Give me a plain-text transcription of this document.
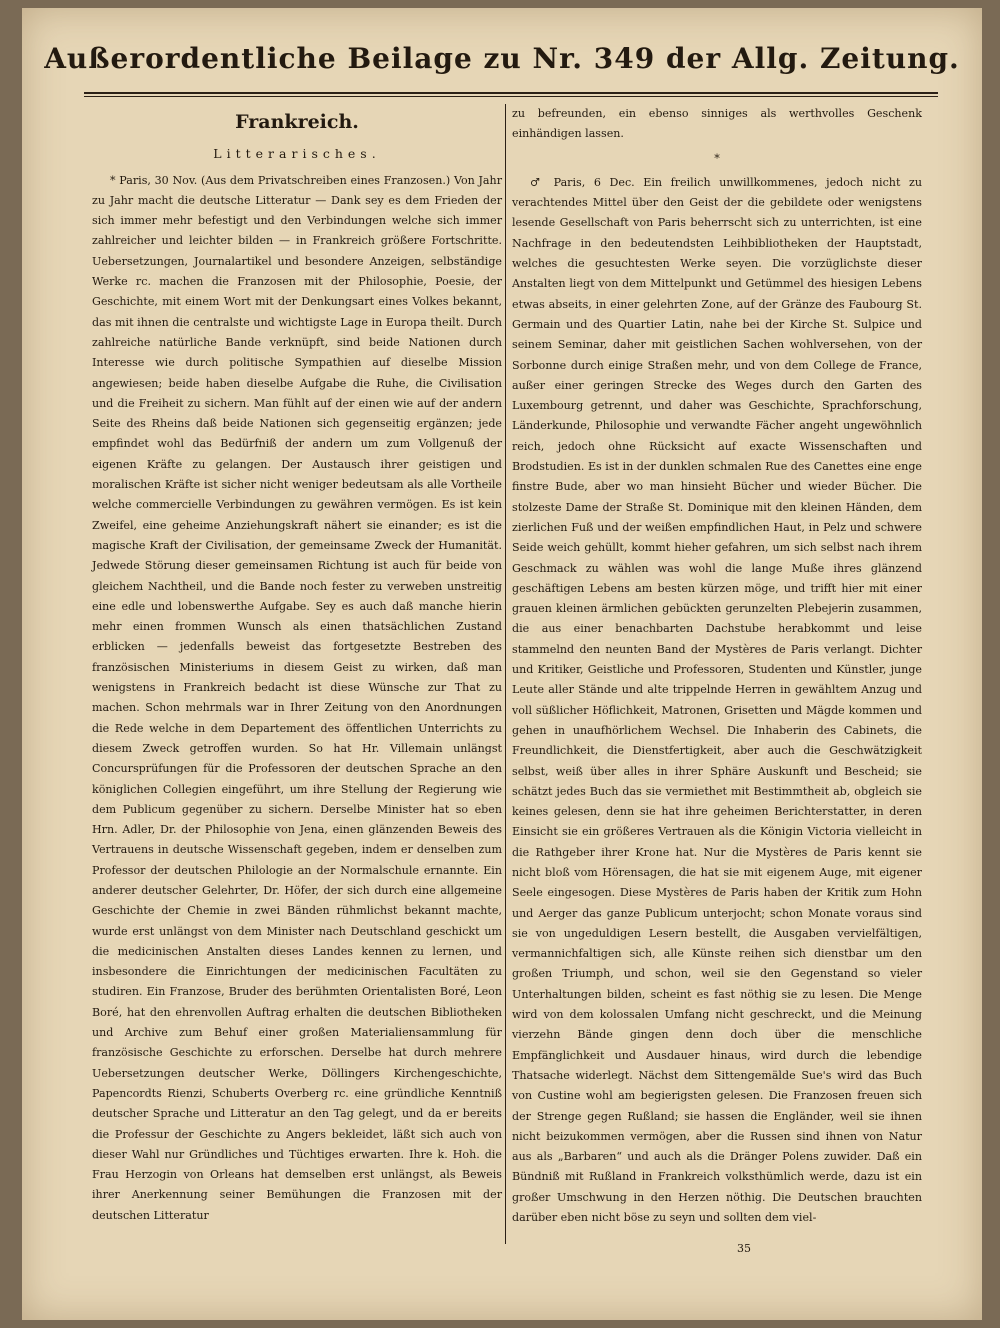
Außerordentliche Beilage zu Nr. 349 der Allg. Zeitung.
Frankreich.
Litterarisches.

* Paris, 30 Nov. (Aus dem Privatschreiben eines Franzosen.) Von Jahr zu Jahr macht die deutsche Litteratur — Dank sey es dem Frieden der sich immer mehr befestigt und den Verbindungen welche sich immer zahlreicher und leichter bilden — in Frankreich größere Fortschritte. Uebersetzungen, Journalartikel und besondere Anzeigen, selbständige Werke rc. machen die Franzosen mit der Philosophie, Poesie, der Geschichte, mit einem Wort mit der Denkungsart eines Volkes bekannt, das mit ihnen die centralste und wichtigste Lage in Europa theilt. Durch zahlreiche natürliche Bande verknüpft, sind beide Nationen durch Interesse wie durch politische Sympathien auf dieselbe Mission angewiesen; beide haben dieselbe Aufgabe die Ruhe, die Civilisation und die Freiheit zu sichern. Man fühlt auf der einen wie auf der andern Seite des Rheins daß beide Nationen sich gegenseitig ergänzen; jede empfindet wohl das Bedürfniß der andern um zum Vollgenuß der eigenen Kräfte zu gelangen. Der Austausch ihrer geistigen und moralischen Kräfte ist sicher nicht weniger bedeutsam als alle Vortheile welche commercielle Verbindungen zu gewähren vermögen. Es ist kein Zweifel, eine geheime Anziehungskraft nähert sie einander; es ist die magische Kraft der Civilisation, der gemeinsame Zweck der Humanität. Jedwede Störung dieser gemeinsamen Richtung ist auch für beide von gleichem Nachtheil, und die Bande noch fester zu verweben unstreitig eine edle und lobenswerthe Aufgabe. Sey es auch daß manche hierin mehr einen frommen Wunsch als einen thatsächlichen Zustand erblicken — jedenfalls beweist das fortgesetzte Bestreben des französischen Ministeriums in diesem Geist zu wirken, daß man wenigstens in Frankreich bedacht ist diese Wünsche zur That zu machen. Schon mehrmals war in Ihrer Zeitung von den Anordnungen die Rede welche in dem Departement des öffentlichen Unterrichts zu diesem Zweck getroffen wurden. So hat Hr. Villemain unlängst Concursprüfungen für die Professoren der deutschen Sprache an den königlichen Collegien eingeführt, um ihre Stellung der Regierung wie dem Publicum gegenüber zu sichern. Derselbe Minister hat so eben Hrn. Adler, Dr. der Philosophie von Jena, einen glänzenden Beweis des Vertrauens in deutsche Wissenschaft gegeben, indem er denselben zum Professor der deutschen Philologie an der Normalschule ernannte. Ein anderer deutscher Gelehrter, Dr. Höfer, der sich durch eine allgemeine Geschichte der Chemie in zwei Bänden rühmlichst bekannt machte, wurde erst unlängst von dem Minister nach Deutschland geschickt um die medicinischen Anstalten dieses Landes kennen zu lernen, und insbesondere die Einrichtungen der medicinischen Facultäten zu studiren. Ein Franzose, Bruder des berühmten Orientalisten Boré, Leon Boré, hat den ehrenvollen Auftrag erhalten die deutschen Bibliotheken und Archive zum Behuf einer großen Materialiensammlung für französische Geschichte zu erforschen. Derselbe hat durch mehrere Uebersetzungen deutscher Werke, Döllingers Kirchengeschichte, Papencordts Rienzi, Schuberts Overberg rc. eine gründliche Kenntniß deutscher Sprache und Litteratur an den Tag gelegt, und da er bereits die Professur der Geschichte zu Angers bekleidet, läßt sich auch von dieser Wahl nur Gründliches und Tüchtiges erwarten. Ihre k. Hoh. die Frau Herzogin von Orleans hat demselben erst unlängst, als Beweis ihrer Anerkennung seiner Bemühungen die Franzosen mit der deutschen Litteratur

zu befreunden, ein ebenso sinniges als werthvolles Geschenk einhändigen lassen.

*

♂ Paris, 6 Dec. Ein freilich unwillkommenes, jedoch nicht zu verachtendes Mittel über den Geist der die gebildete oder wenigstens lesende Gesellschaft von Paris beherrscht sich zu unterrichten, ist eine Nachfrage in den bedeutendsten Leihbibliotheken der Hauptstadt, welches die gesuchtesten Werke seyen. Die vorzüglichste dieser Anstalten liegt von dem Mittelpunkt und Getümmel des hiesigen Lebens etwas abseits, in einer gelehrten Zone, auf der Gränze des Faubourg St. Germain und des Quartier Latin, nahe bei der Kirche St. Sulpice und seinem Seminar, daher mit geistlichen Sachen wohlversehen, von der Sorbonne durch einige Straßen mehr, und von dem College de France, außer einer geringen Strecke des Weges durch den Garten des Luxembourg getrennt, und daher was Geschichte, Sprachforschung, Länderkunde, Philosophie und verwandte Fächer angeht ungewöhnlich reich, jedoch ohne Rücksicht auf exacte Wissenschaften und Brodstudien. Es ist in der dunklen schmalen Rue des Canettes eine enge finstre Bude, aber wo man hinsieht Bücher und wieder Bücher. Die stolzeste Dame der Straße St. Dominique mit den kleinen Händen, dem zierlichen Fuß und der weißen empfindlichen Haut, in Pelz und schwere Seide weich gehüllt, kommt hieher gefahren, um sich selbst nach ihrem Geschmack zu wählen was wohl die lange Muße ihres glänzend geschäftigen Lebens am besten kürzen möge, und trifft hier mit einer grauen kleinen ärmlichen gebückten gerunzelten Plebejerin zusammen, die aus einer benachbarten Dachstube herabkommt und leise stammelnd den neunten Band der Mystères de Paris verlangt. Dichter und Kritiker, Geistliche und Professoren, Studenten und Künstler, junge Leute aller Stände und alte trippelnde Herren in gewähltem Anzug und voll süßlicher Höflichkeit, Matronen, Grisetten und Mägde kommen und gehen in unaufhörlichem Wechsel. Die Inhaberin des Cabinets, die Freundlichkeit, die Dienstfertigkeit, aber auch die Geschwätzigkeit selbst, weiß über alles in ihrer Sphäre Auskunft und Bescheid; sie schätzt jedes Buch das sie vermiethet mit Bestimmtheit ab, obgleich sie keines gelesen, denn sie hat ihre geheimen Berichterstatter, in deren Einsicht sie ein größeres Vertrauen als die Königin Victoria vielleicht in die Rathgeber ihrer Krone hat. Nur die Mystères de Paris kennt sie nicht bloß vom Hörensagen, die hat sie mit eigenem Auge, mit eigener Seele eingesogen. Diese Mystères de Paris haben der Kritik zum Hohn und Aerger das ganze Publicum unterjocht; schon Monate voraus sind sie von ungeduldigen Lesern bestellt, die Ausgaben vervielfältigen, vermannichfaltigen sich, alle Künste reihen sich dienstbar um den großen Triumph, und schon, weil sie den Gegenstand so vieler Unterhaltungen bilden, scheint es fast nöthig sie zu lesen. Die Menge wird von dem kolossalen Umfang nicht geschreckt, und die Meinung vierzehn Bände gingen denn doch über die menschliche Empfänglichkeit und Ausdauer hinaus, wird durch die lebendige Thatsache widerlegt. Nächst dem Sittengemälde Sue's wird das Buch von Custine wohl am begierigsten gelesen. Die Franzosen freuen sich der Strenge gegen Rußland; sie hassen die Engländer, weil sie ihnen nicht beizukommen vermögen, aber die Russen sind ihnen von Natur aus als „Barbaren“ und auch als die Dränger Polens zuwider. Daß ein Bündniß mit Rußland in Frankreich volksthümlich werde, dazu ist ein großer Umschwung in den Herzen nöthig. Die Deutschen brauchten darüber eben nicht böse zu seyn und sollten dem viel-

35
